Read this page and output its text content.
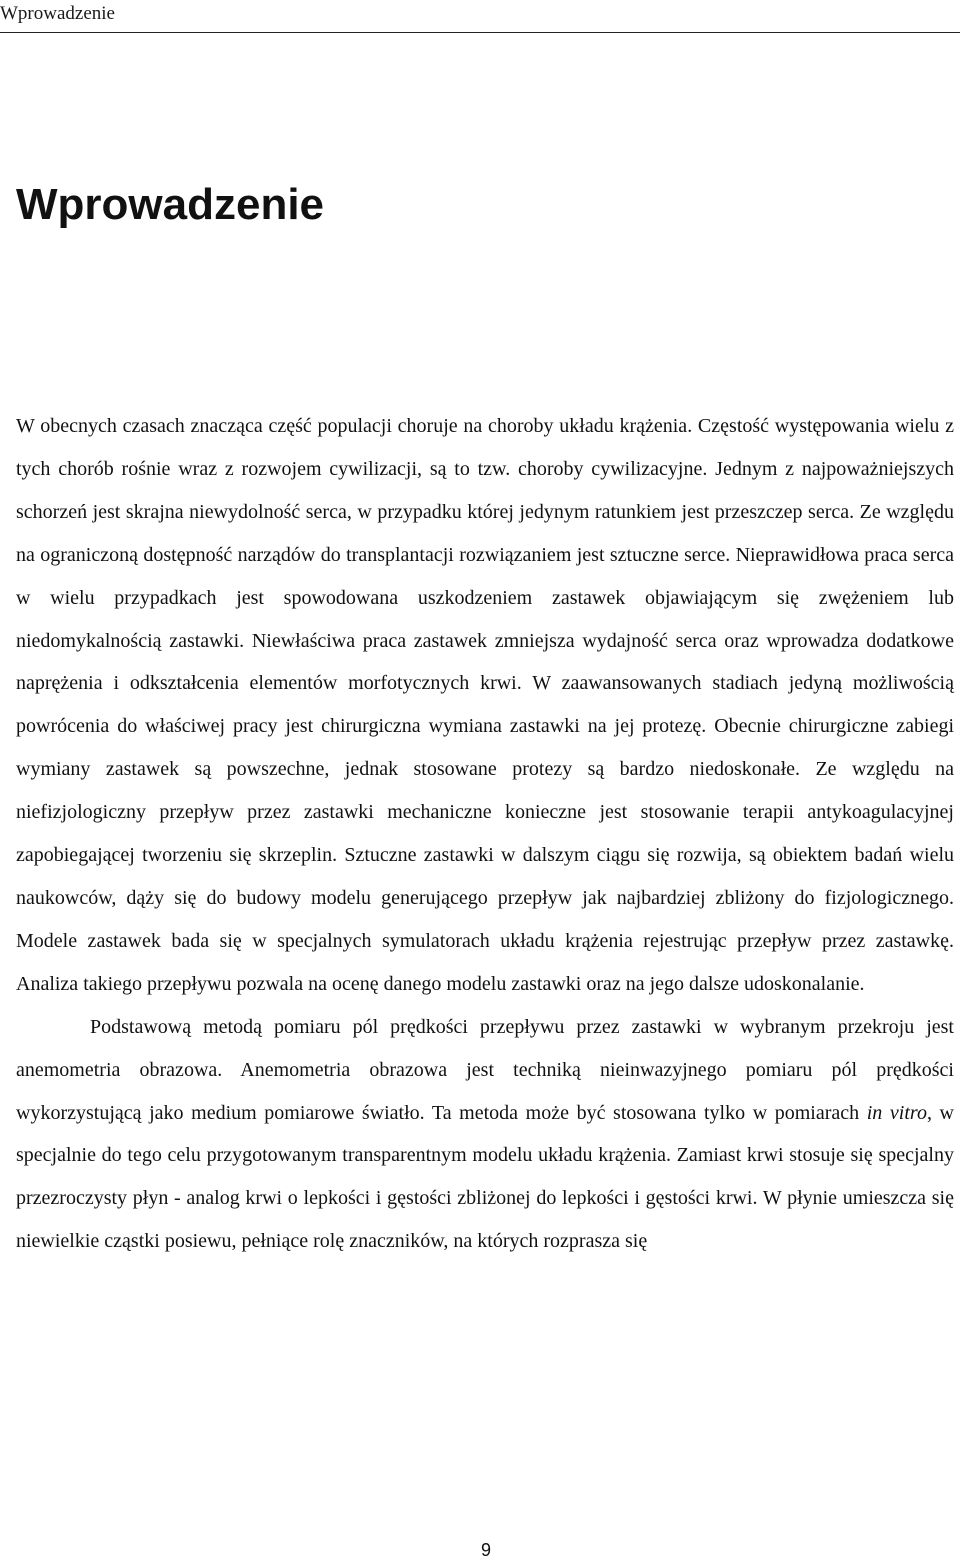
Wprowadzenie
Wprowadzenie

W obecnych czasach znacząca część populacji choruje na choroby układu krążenia. Częstość występowania wielu z tych chorób rośnie wraz z rozwojem cywilizacji, są to tzw. choroby cywilizacyjne. Jednym z najpoważniejszych schorzeń jest skrajna niewydolność serca, w przypadku której jedynym ratunkiem jest przeszczep serca. Ze względu na ograniczoną dostępność narządów do transplantacji rozwiązaniem jest sztuczne serce. Nieprawidłowa praca serca w wielu przypadkach jest spowodowana uszkodzeniem zastawek objawiającym się zwężeniem lub niedomykalnością zastawki. Niewłaściwa praca zastawek zmniejsza wydajność serca oraz wprowadza dodatkowe naprężenia i odkształcenia elementów morfotycznych krwi. W zaawansowanych stadiach jedyną możliwością powrócenia do właściwej pracy jest chirurgiczna wymiana zastawki na jej protezę. Obecnie chirurgiczne zabiegi wymiany zastawek są powszechne, jednak stosowane protezy są bardzo niedoskonałe. Ze względu na niefizjologiczny przepływ przez zastawki mechaniczne konieczne jest stosowanie terapii antykoagulacyjnej zapobiegającej tworzeniu się skrzeplin. Sztuczne zastawki w dalszym ciągu się rozwija, są obiektem badań wielu naukowców, dąży się do budowy modelu generującego przepływ jak najbardziej zbliżony do fizjologicznego. Modele zastawek bada się w specjalnych symulatorach układu krążenia rejestrując przepływ przez zastawkę. Analiza takiego przepływu pozwala na ocenę danego modelu zastawki oraz na jego dalsze udoskonalanie.

Podstawową metodą pomiaru pól prędkości przepływu przez zastawki w wybranym przekroju jest anemometria obrazowa. Anemometria obrazowa jest techniką nieinwazyjnego pomiaru pól prędkości wykorzystującą jako medium pomiarowe światło. Ta metoda może być stosowana tylko w pomiarach in vitro, w specjalnie do tego celu przygotowanym transparentnym modelu układu krążenia. Zamiast krwi stosuje się specjalny przezroczysty płyn - analog krwi o lepkości i gęstości zbliżonej do lepkości i gęstości krwi. W płynie umieszcza się niewielkie cząstki posiewu, pełniące rolę znaczników, na których rozprasza się

9
